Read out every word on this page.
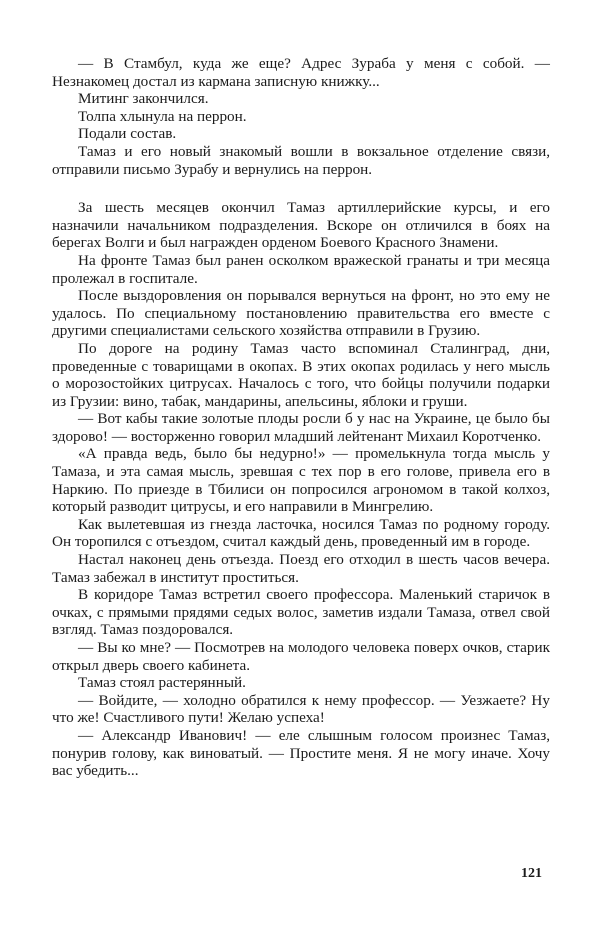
— В Стамбул, куда же еще? Адрес Зураба у меня с собой. — Незнакомец достал из кармана записную книжку...

Митинг закончился.

Толпа хлынула на перрон.

Подали состав.

Тамаз и его новый знакомый вошли в вокзальное отделение связи, отправили письмо Зурабу и вернулись на перрон.

За шесть месяцев окончил Тамаз артиллерийские курсы, и его назначили начальником подразделения. Вскоре он отличился в боях на берегах Волги и был награжден орденом Боевого Красного Знамени.

На фронте Тамаз был ранен осколком вражеской гранаты и три месяца пролежал в госпитале.

После выздоровления он порывался вернуться на фронт, но это ему не удалось. По специальному постановлению правительства его вместе с другими специалистами сельского хозяйства отправили в Грузию.

По дороге на родину Тамаз часто вспоминал Сталинград, дни, проведенные с товарищами в окопах. В этих окопах родилась у него мысль о морозостойких цитрусах. Началось с того, что бойцы получили подарки из Грузии: вино, табак, мандарины, апельсины, яблоки и груши.

— Вот кабы такие золотые плоды росли б у нас на Украине, це было бы здорово! — восторженно говорил младший лейтенант Михаил Коротченко.

«А правда ведь, было бы недурно!» — промелькнула тогда мысль у Тамаза, и эта самая мысль, зревшая с тех пор в его голове, привела его в Наркию. По приезде в Тбилиси он попросился агрономом в такой колхоз, который разводит цитрусы, и его направили в Мингрелию.

Как вылетевшая из гнезда ласточка, носился Тамаз по родному городу. Он торопился с отъездом, считал каждый день, проведенный им в городе.

Настал наконец день отъезда. Поезд его отходил в шесть часов вечера. Тамаз забежал в институт проститься.

В коридоре Тамаз встретил своего профессора. Маленький старичок в очках, с прямыми прядями седых волос, заметив издали Тамаза, отвел свой взгляд. Тамаз поздоровался.

— Вы ко мне? — Посмотрев на молодого человека поверх очков, старик открыл дверь своего кабинета.

Тамаз стоял растерянный.

— Войдите, — холодно обратился к нему профессор. — Уезжаете? Ну что же! Счастливого пути! Желаю успеха!

— Александр Иванович! — еле слышным голосом произнес Тамаз, понурив голову, как виноватый. — Простите меня. Я не могу иначе. Хочу вас убедить...

121
